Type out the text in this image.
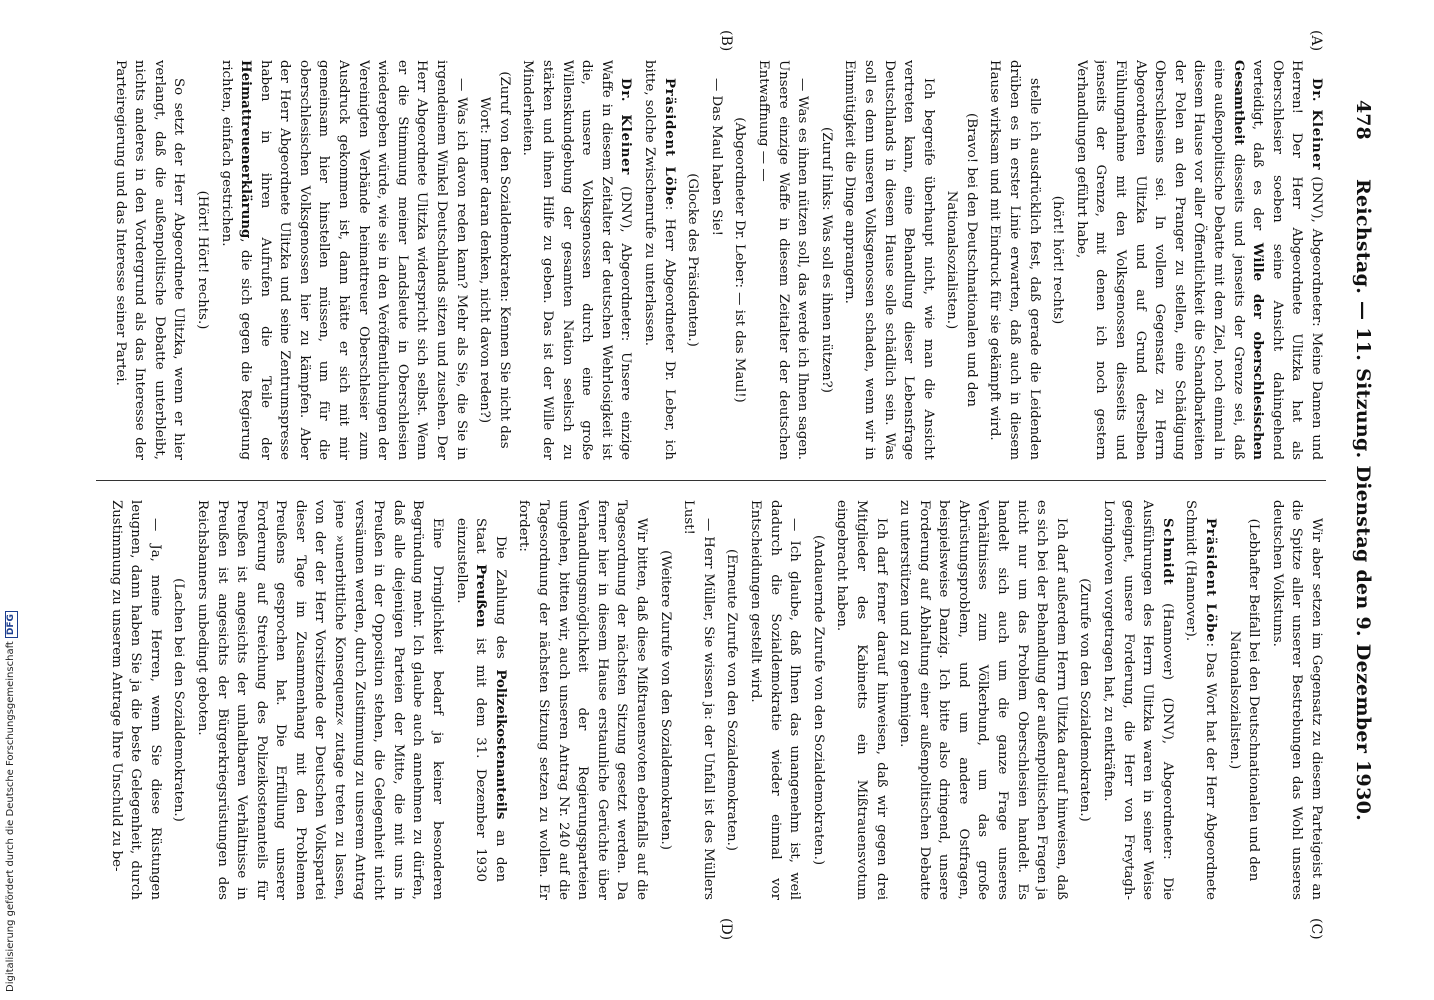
478
Reichstag. — 11. Sitzung. Dienstag den 9. Dezember 1930.
(A)
(B)
(C)
(D)

Dr. Kleiner (DNV), Abgeordneter: Meine Damen und Herren! Der Herr Abgeordnete Ulitzka hat als Oberschlesier soeben seine Ansicht dahingehend verteidigt, daß es der Wille der oberschlesischen Gesamtheit diesseits und jenseits der Grenze sei, daß eine außenpolitische Debatte mit dem Ziel, noch einmal in diesem Hause vor aller Öffentlichkeit die Schandbarkeiten der Polen an den Pranger zu stellen, eine Schädigung Oberschlesiens sei. In vollem Gegensatz zu Herrn Abgeordneten Ulitzka und auf Grund derselben Fühlungnahme mit den Volksgenossen diesseits und jenseits der Grenze, mit denen ich noch gestern Verhandlungen geführt habe,

(hört! hört! rechts)

stelle ich ausdrücklich fest, daß gerade die Leidenden drüben es in erster Linie erwarten, daß auch in diesem Hause wirksam und mit Eindruck für sie gekämpft wird.

(Bravo! bei den Deutschnationalen und den Nationalsozialisten.)

Ich begreife überhaupt nicht, wie man die Ansicht vertreten kann, eine Behandlung dieser Lebensfrage Deutschlands in diesem Hause solle schädlich sein. Was soll es denn unseren Volksgenossen schaden, wenn wir in Einmütigkeit die Dinge anprangern.

(Zuruf links: Was soll es ihnen nützen?)

— Was es ihnen nützen soll, das werde ich Ihnen sagen. Unsere einzige Waffe in diesem Zeitalter der deutschen Entwaffnung — —

(Abgeordneter Dr. Leber: — ist das Maul!)

— Das Maul haben Sie!

(Glocke des Präsidenten.)

Präsident Löbe: Herr Abgeordneter Dr. Leber, ich bitte, solche Zwischenrufe zu unterlassen.

Dr. Kleiner (DNV), Abgeordneter: Unsere einzige Waffe in diesem Zeitalter der deutschen Wehrlosigkeit ist die, unsere Volksgenossen durch eine große Willenskundgebung der gesamten Nation seelisch zu stärken und ihnen Hilfe zu geben. Das ist der Wille der Minderheiten.

(Zuruf von den Sozialdemokraten: Kennen Sie nicht das Wort: Immer daran denken, nicht davon reden?)

— Was ich davon reden kann? Mehr als Sie, die Sie in irgendeinem Winkel Deutschlands sitzen und zusehen. Der Herr Abgeordnete Ulitzka widerspricht sich selbst. Wenn er die Stimmung meiner Landsleute in Oberschlesien wiedergeben würde, wie sie in den Veröffentlichungen der Vereinigten Verbände heimattreuer Oberschlesier zum Ausdruck gekommen ist, dann hätte er sich mit mir gemeinsam hier hinstellen müssen, um für die oberschlesischen Volksgenossen hier zu kämpfen. Aber der Herr Abgeordnete Ulitzka und seine Zentrumspresse haben in ihren Aufrufen die Teile der Heimattreuenerklärung, die sich gegen die Regierung richten, einfach gestrichen.

(Hört! Hört! rechts.)

So setzt der Herr Abgeordnete Ulitzka, wenn er hier verlangt, daß die außenpolitische Debatte unterbleibt, nichts anderes in den Vordergrund als das Interesse der Parteiregierung und das Interesse seiner Partei.

Wir aber setzen im Gegensatz zu diesem Parteigeist an die Spitze aller unserer Bestrebungen das Wohl unseres deutschen Volkstums.

(Lebhafter Beifall bei den Deutschnationalen und den Nationalsozialisten.)

Präsident Löbe: Das Wort hat der Herr Abgeordnete Schmidt (Hannover).

Schmidt (Hannover) (DNV), Abgeordneter: Die Ausführungen des Herrn Ulitzka waren in seiner Weise geeignet, unsere Forderung, die Herr von Freytagh-Loringhoven vorgetragen hat, zu entkräften.

(Zurufe von den Sozialdemokraten.)

Ich darf außerdem Herrn Ulitzka darauf hinweisen, daß es sich bei der Behandlung der außenpolitischen Fragen ja nicht nur um das Problem Oberschlesien handelt. Es handelt sich auch um die ganze Frage unseres Verhältnisses zum Völkerbund, um das große Abrüstungsproblem, und um andere Ostfragen, beispielsweise Danzig. Ich bitte also dringend, unsere Forderung auf Abhaltung einer außenpolitischen Debatte zu unterstützen und zu genehmigen.

Ich darf ferner darauf hinweisen, daß wir gegen drei Mitglieder des Kabinetts ein Mißtrauensvotum eingebracht haben.

(Andauernde Zurufe von den Sozialdemokraten.)

— Ich glaube, daß Ihnen das unangenehm ist, weil dadurch die Sozialdemokratie wieder einmal vor Entscheidungen gestellt wird.

(Erneute Zurufe von den Sozialdemokraten.)

— Herr Müller, Sie wissen ja: der Unfall ist des Müllers Lust!

(Weitere Zurufe von den Sozialdemokraten.)

Wir bitten, daß diese Mißtrauensvoten ebenfalls auf die Tagesordnung der nächsten Sitzung gesetzt werden. Da ferner hier in diesem Hause erstaunliche Gerüchte über Verhandlungsmöglichkeit der Regierungsparteien umgehen, bitten wir, auch unseren Antrag Nr. 240 auf die Tagesordnung der nächsten Sitzung setzen zu wollen. Er fordert:

Die Zahlung des Polizeikostenanteils an den Staat Preußen ist mit dem 31. Dezember 1930 einzustellen.

Eine Dringlichkeit bedarf ja keiner besonderen Begründung mehr. Ich glaube auch annehmen zu dürfen, daß alle diejenigen Parteien der Mitte, die mit uns in Preußen in der Opposition stehen, die Gelegenheit nicht versäumen werden, durch Zustimmung zu unserem Antrag jene »unerbittliche Konsequenz« zutage treten zu lassen, von der der Herr Vorsitzende der Deutschen Volkspartei dieser Tage im Zusammenhang mit den Problemen Preußens gesprochen hat. Die Erfüllung unserer Forderung auf Streichung des Polizeikostenanteils für Preußen ist angesichts der unhaltbaren Verhältnisse in Preußen ist angesichts der Bürgerkriegsrüstungen des Reichsbanners unbedingt geboten.

(Lachen bei den Sozialdemokraten.)

— Ja, meine Herren, wenn Sie diese Rüstungen leugnen, dann haben Sie ja die beste Gelegenheit, durch Zustimmung zu unserem Antrage Ihre Unschuld zu be-

Digitalisierung gefördert durch die Deutsche ForschungsgemeinschaftDFG
